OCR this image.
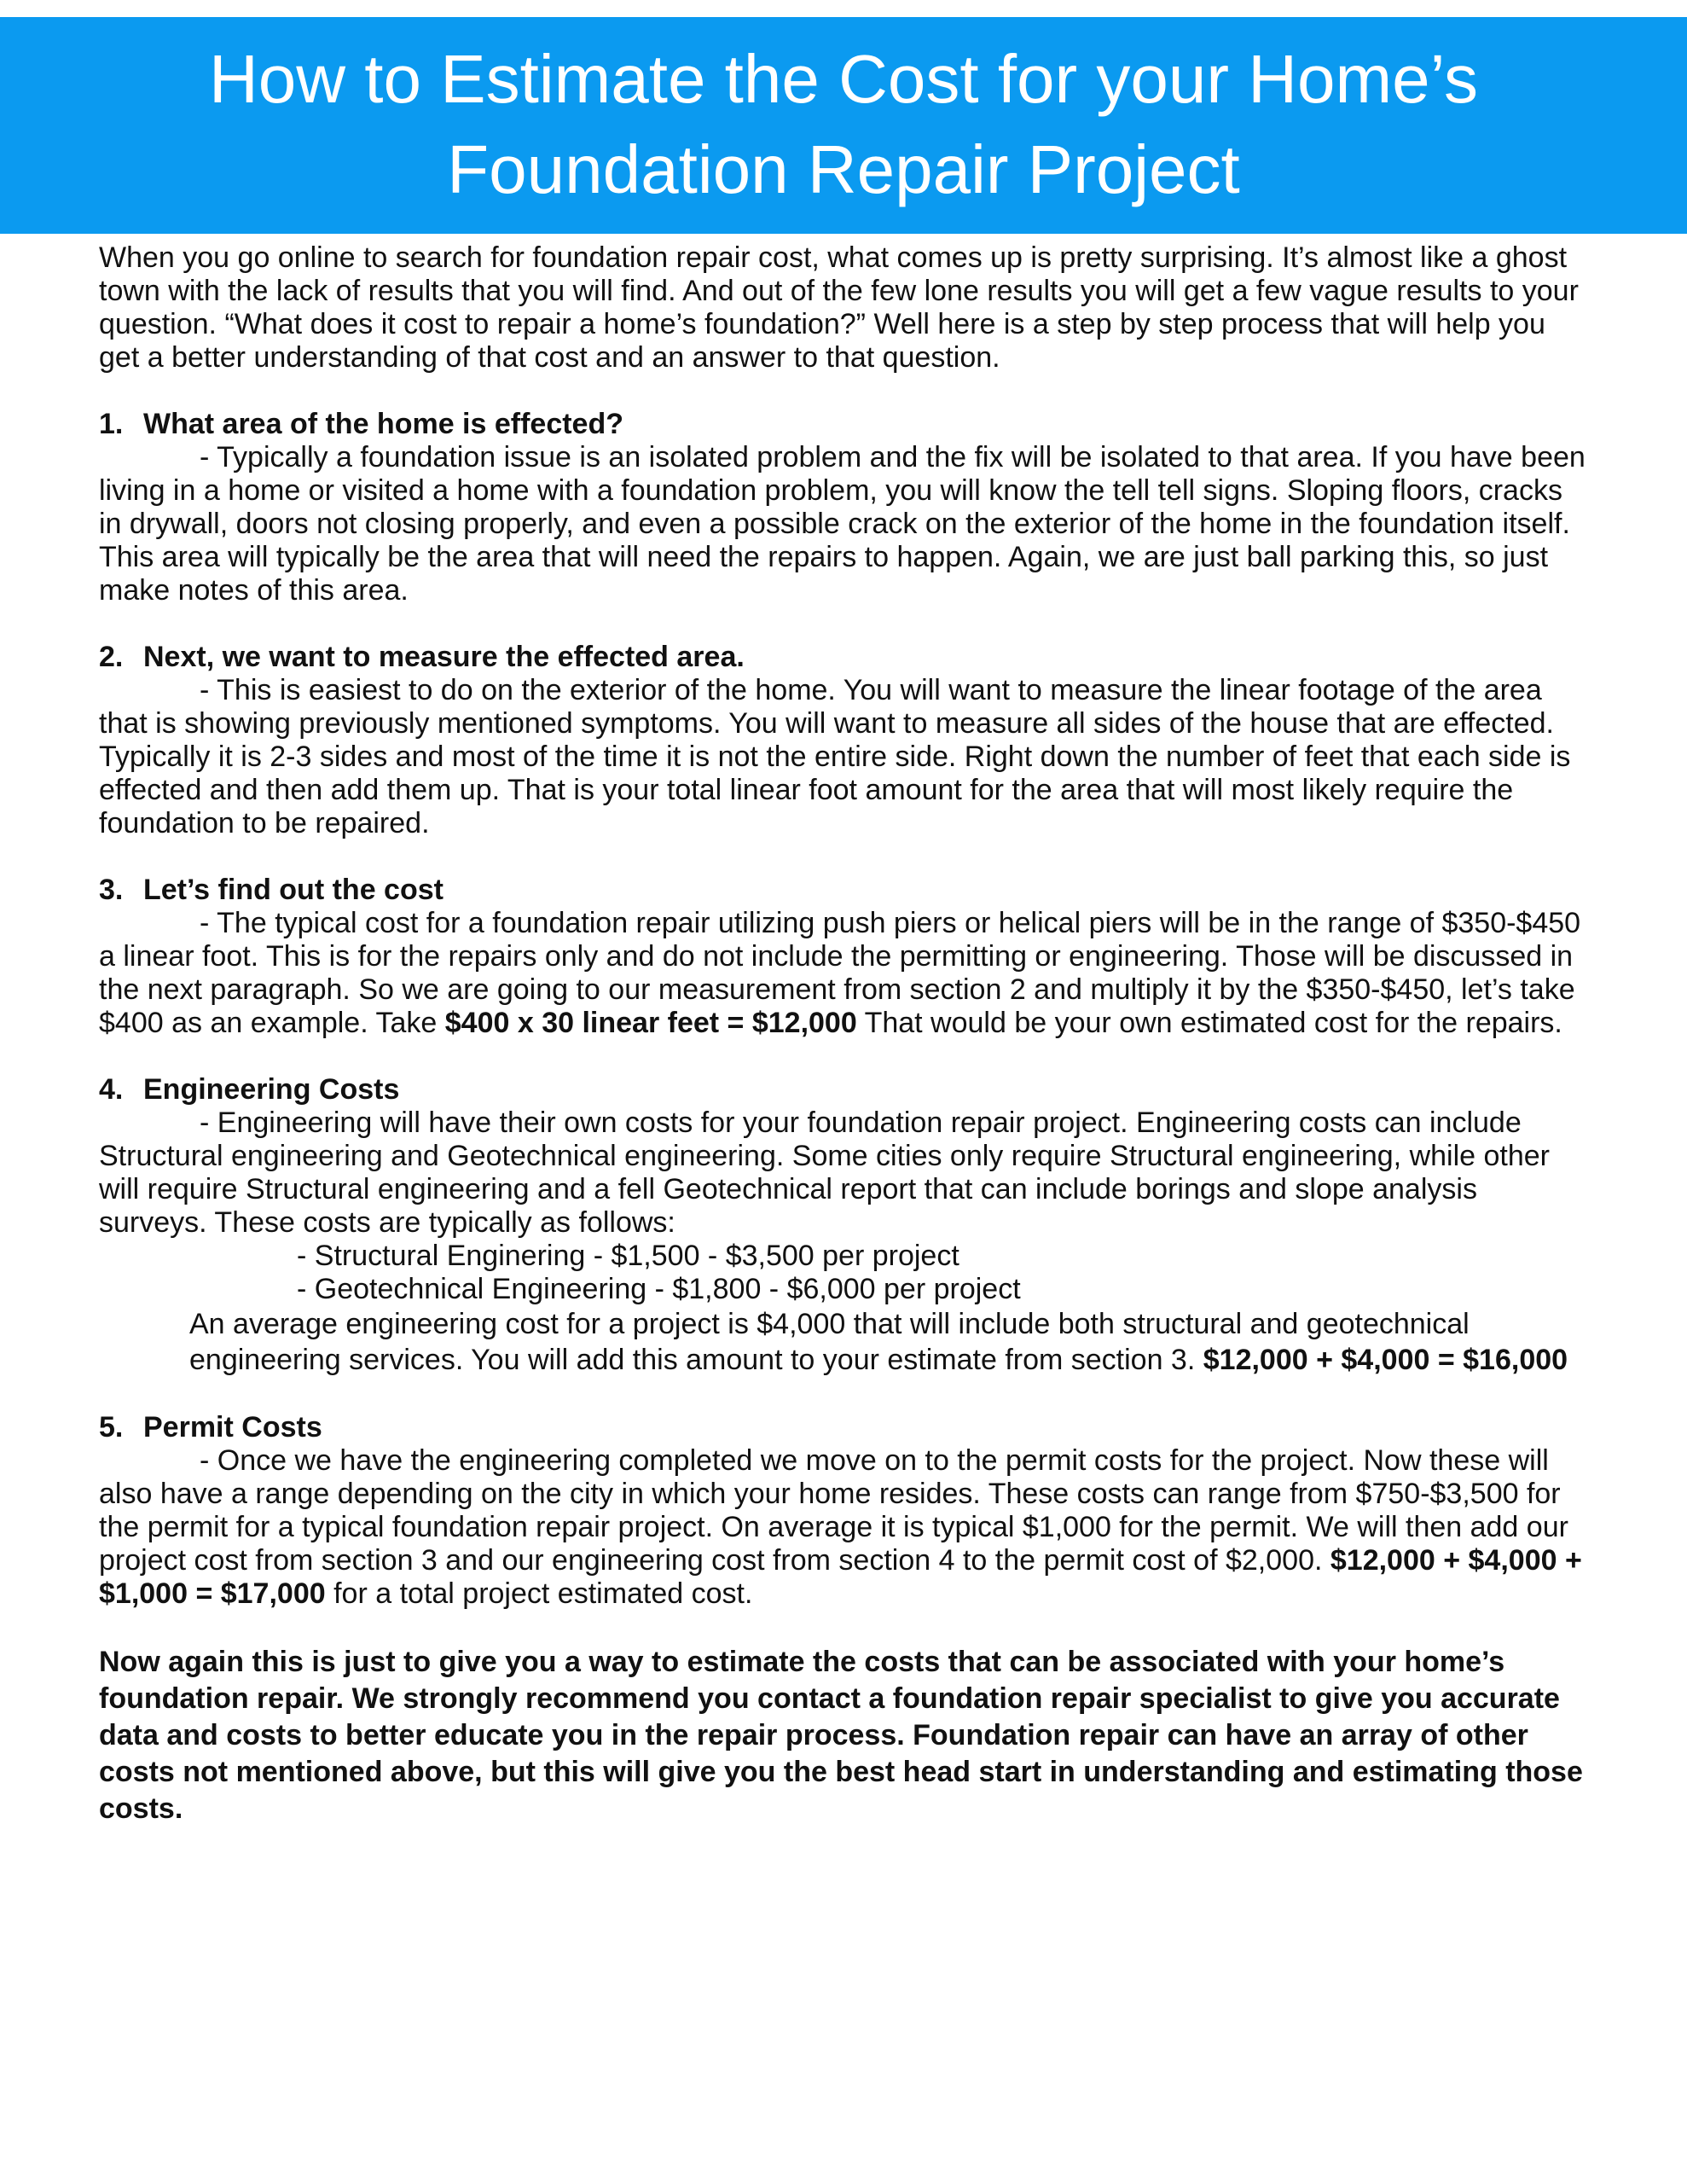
How to Estimate the Cost for your Home’s
Foundation Repair Project

When you go online to search for foundation repair cost, what comes up is pretty surprising. It’s almost like a ghost town with the lack of results that you will find. And out of the few lone results you will get a few vague results to your question. “What does it cost to repair a home’s foundation?” Well here is a step by step process that will help you get a better understanding of that cost and an answer to that question.

1. What area of the home is effected?

- Typically a foundation issue is an isolated problem and the fix will be isolated to that area. If you have been living in a home or visited a home with a foundation problem, you will know the tell tell signs. Sloping floors, cracks in drywall, doors not closing properly, and even a possible crack on the exterior of the home in the foundation itself. This area will typically be the area that will need the repairs to happen. Again, we are just ball parking this, so just make notes of this area.

2. Next, we want to measure the effected area.

- This is easiest to do on the exterior of the home. You will want to measure the linear footage of the area that is showing previously mentioned symptoms. You will want to measure all sides of the house that are effected. Typically it is 2-3 sides and most of the time it is not the entire side. Right down the number of feet that each side is effected and then add them up. That is your total linear foot amount for the area that will most likely require the foundation to be repaired.

3. Let’s find out the cost

- The typical cost for a foundation repair utilizing push piers or helical piers will be in the range of $350-$450 a linear foot. This is for the repairs only and do not include the permitting or engineering. Those will be discussed in the next paragraph. So we are going to our measurement from section 2 and multiply it by the $350-$450, let’s take $400 as an example. Take $400 x 30 linear feet = $12,000 That would be your own estimated cost for the repairs.

4. Engineering Costs

- Engineering will have their own costs for your foundation repair project. Engineering costs can include Structural engineering and Geotechnical engineering. Some cities only require Structural engineering, while other will require Structural engineering and a fell Geotechnical report that can include borings and slope analysis surveys. These costs are typically as follows:

- Structural Enginering - $1,500 - $3,500 per project

- Geotechnical Engineering - $1,800 - $6,000 per project

An average engineering cost for a project is $4,000 that will include both structural and geotechnical engineering services. You will add this amount to your estimate from section 3. $12,000 + $4,000 = $16,000

5. Permit Costs

- Once we have the engineering completed we move on to the permit costs for the project. Now these will also have a range depending on the city in which your home resides. These costs can range from $750-$3,500 for the permit for a typical foundation repair project. On average it is typical $1,000 for the permit. We will then add our project cost from section 3 and our engineering cost from section 4 to the permit cost of $2,000. $12,000 + $4,000 + $1,000 = $17,000 for a total project estimated cost.

Now again this is just to give you a way to estimate the costs that can be associated with your home’s foundation repair. We strongly recommend you contact a foundation repair specialist to give you accurate data and costs to better educate you in the repair process. Foundation repair can have an array of other costs not mentioned above, but this will give you the best head start in understanding and estimating those costs.
